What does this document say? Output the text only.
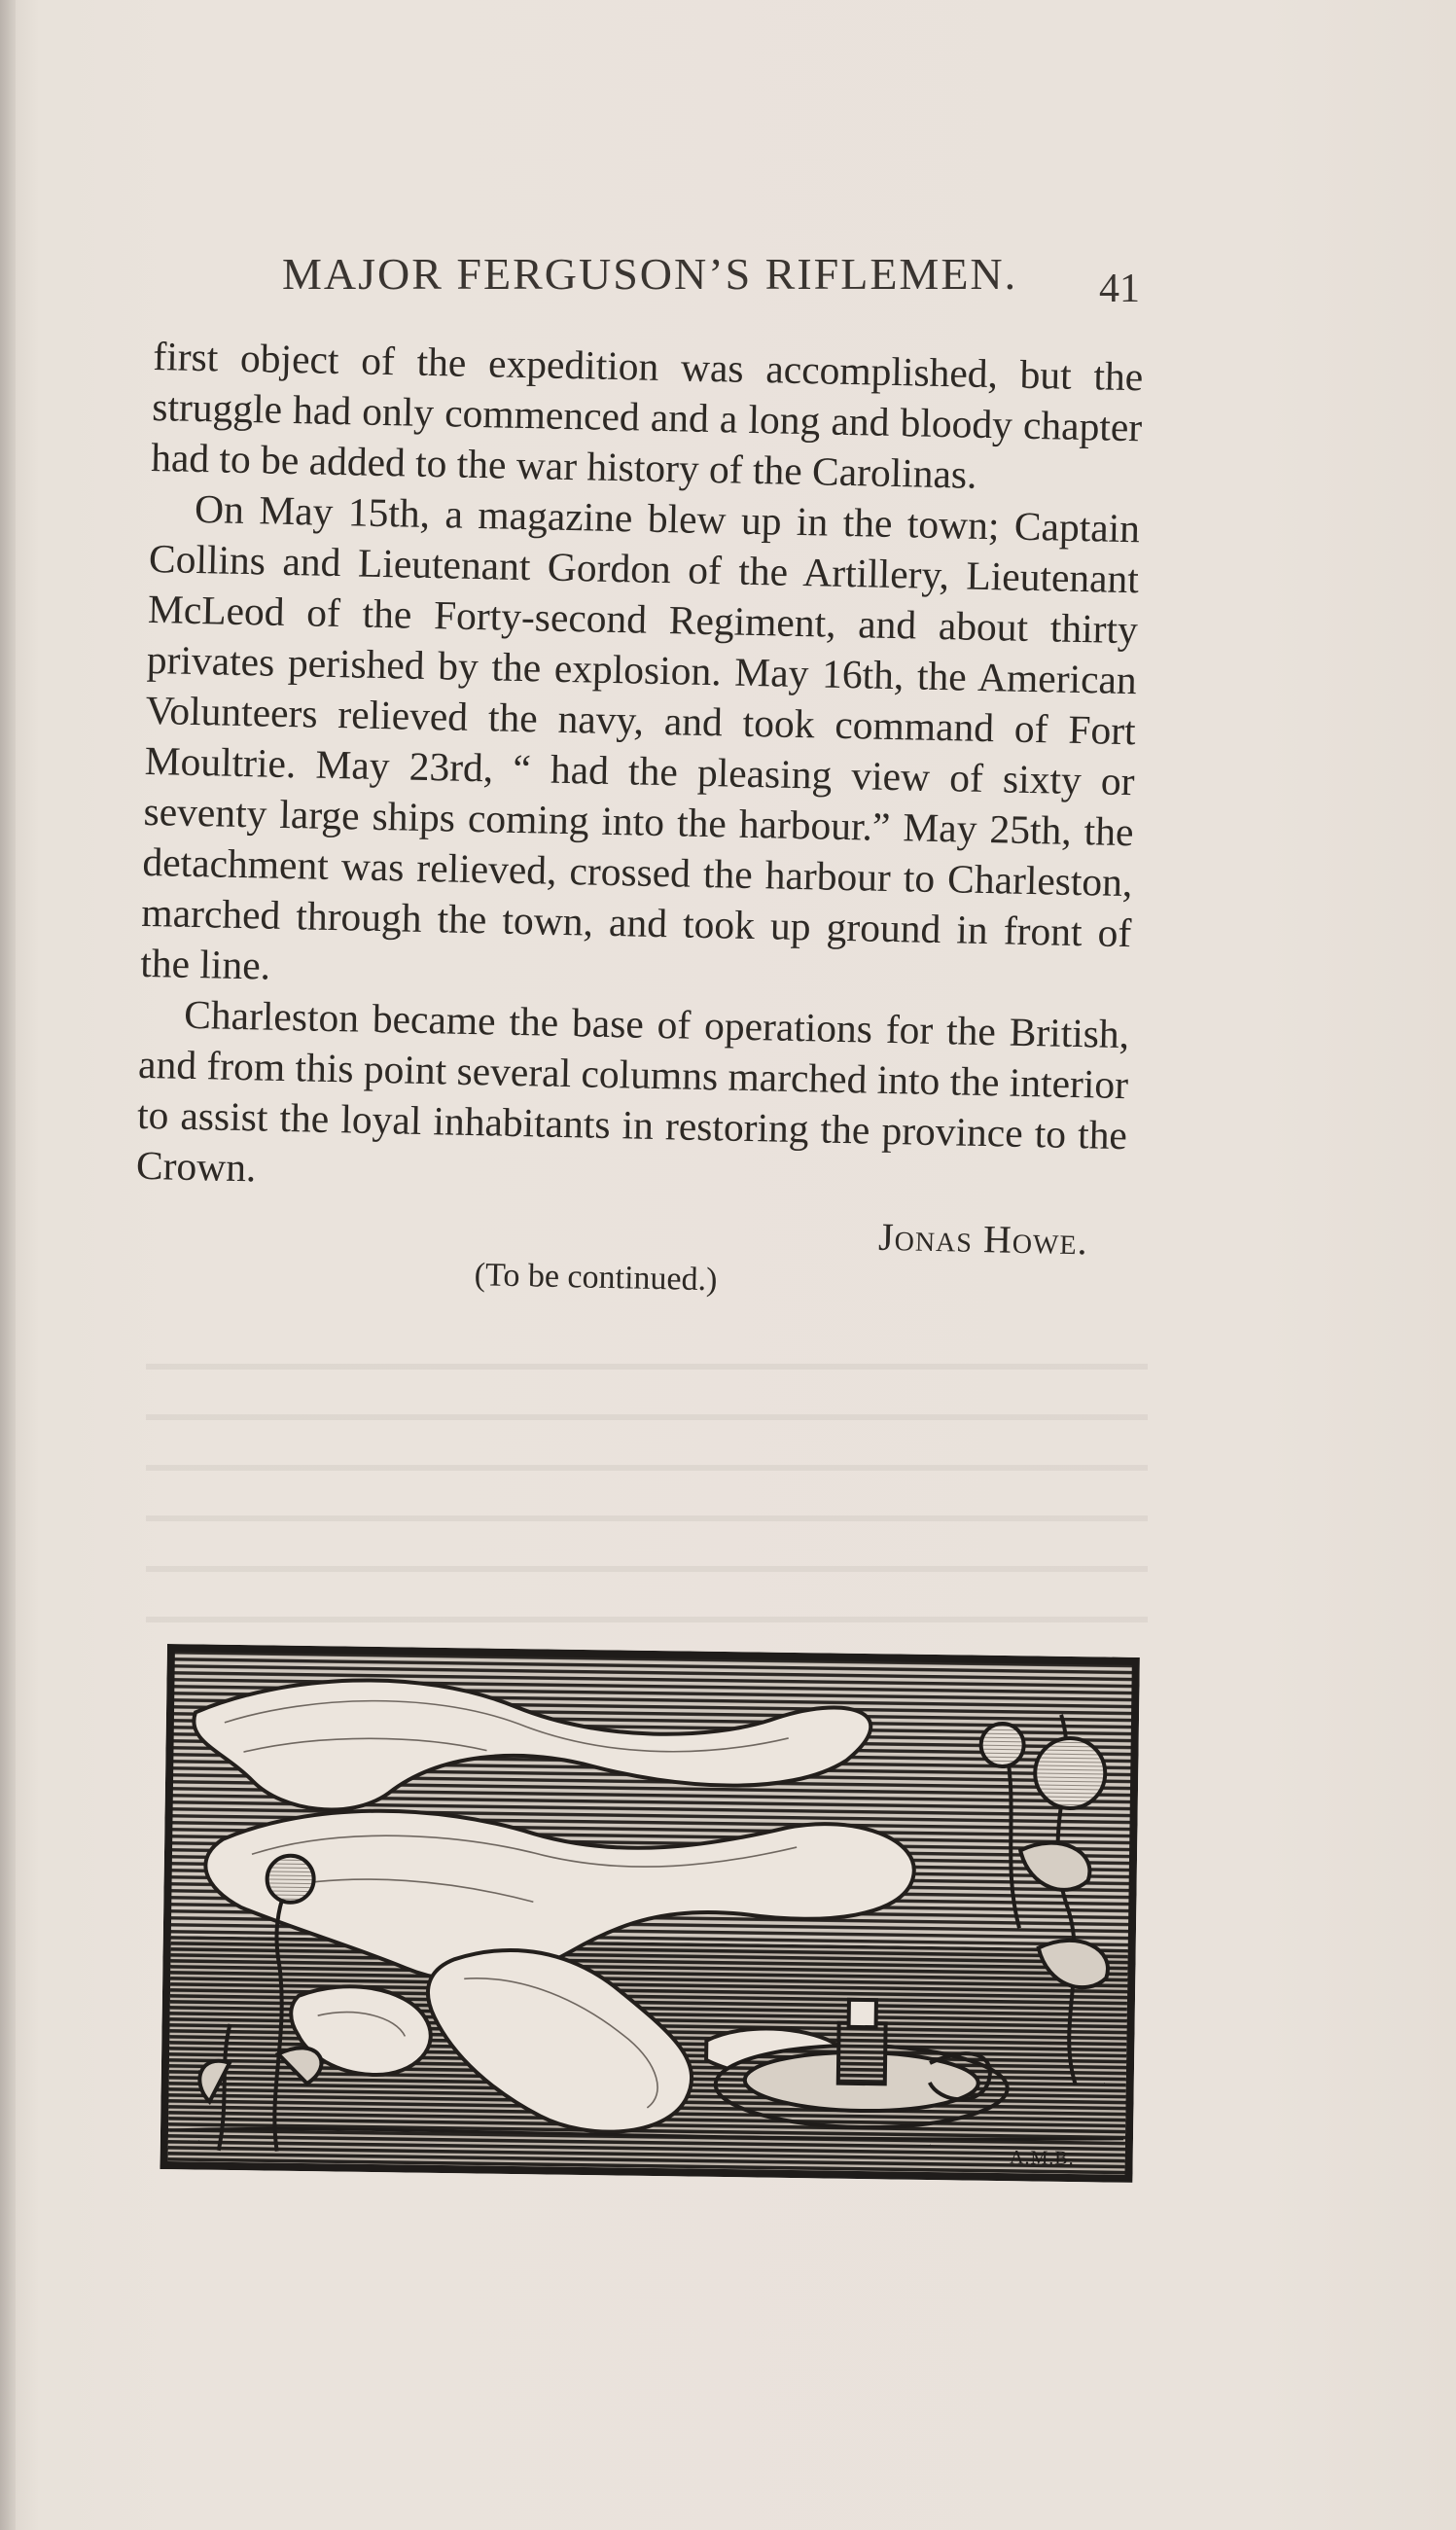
MAJOR FERGUSON’S RIFLEMEN. 41

first object of the expedition was accomplished, but the struggle had only commenced and a long and bloody chapter had to be added to the war history of the Carolinas.

On May 15th, a magazine blew up in the town; Captain Collins and Lieutenant Gordon of the Artillery, Lieutenant McLeod of the Forty-second Regiment, and about thirty privates perished by the explosion. May 16th, the American Volunteers relieved the navy, and took command of Fort Moultrie. May 23rd, “ had the pleasing view of sixty or seventy large ships coming into the harbour.” May 25th, the detachment was relieved, crossed the harbour to Charleston, marched through the town, and took up ground in front of the line.

Charleston became the base of operations for the British, and from this point several columns marched into the interior to assist the loyal inhabitants in restoring the province to the Crown.

Jonas Howe.

(To be continued.)

A.M.B.
